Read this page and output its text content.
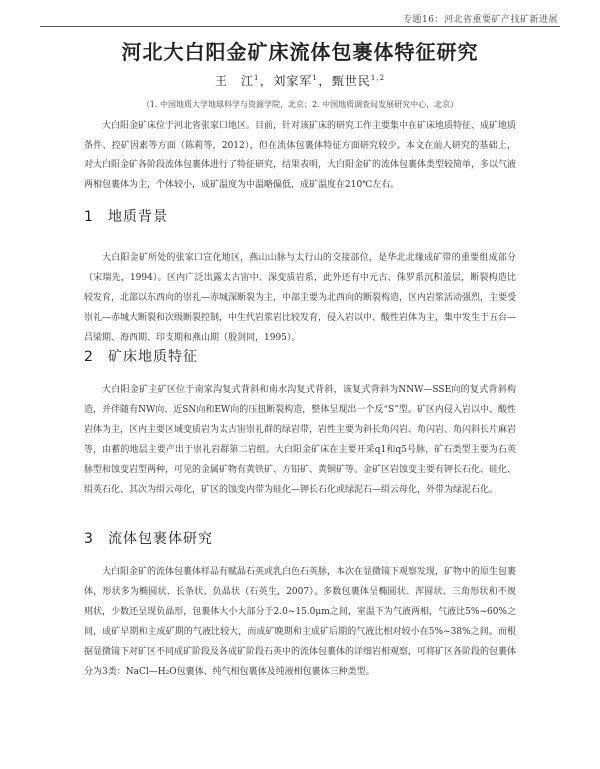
专题16：河北省重要矿产找矿新进展
河北大白阳金矿床流体包裹体特征研究
王　江$^1$，刘家军$^1$，甄世民$^{1,2}$
（1. 中国地质大学地球科学与资源学院，北京；2. 中国地质调查局发展研究中心，北京）
大白阳金矿床位于河北省张家口地区。目前，针对该矿床的研究工作主要集中在矿床地质特征、成矿地质条件、控矿因素等方面（陈莉等，2012），但在流体包裹体特征方面研究较少。本文在前人研究的基础上，对大白阳金矿各阶段流体包裹体进行了特征研究，结果表明，大白阳金矿的流体包裹体类型较简单，多以气液两相包裹体为主，个体较小，成矿温度为中温略偏低，成矿温度在210℃左右。
1 地质背景

大白阳金矿所处的张家口宣化地区，燕山山脉与太行山的交接部位，是华北北缘成矿带的重要组成部分（宋瑞先，1994）。区内广泛出露太古宙中、深变质岩系，此外还有中元古、侏罗系沉积盖层，断裂构造比较发育，北部以东西向的崇礼—赤城深断裂为主，中部主要为北西向的断裂构造，区内岩浆活动强烈，主要受崇礼—赤城大断裂和次级断裂控制，中生代岩浆岩比较发育，侵入岩以中、酸性岩体为主，集中发生于五台—吕梁期、海西期、印支期和燕山期（殷剑同，1995）。

2 矿床地质特征

大白阳金矿主矿区位于南家沟复式背斜和南水沟复式背斜，该复式背斜为NNW—SSE向的复式背斜构造，并伴随有NW向、近SN向和EW向的压扭断裂构造，整体呈现出一个反“S”型。矿区内侵入岩以中、酸性岩体为主，区内主要区域变质岩为太古宙崇礼群的绿岩带，岩性主要为斜长角闪岩、角闪岩、角闪斜长片麻岩等，由蓄的地层主要产出于崇礼岩群第二岩组。大白阳金矿床在主要开采q1和q5号脉，矿石类型主要为石英脉型和蚀变岩型两种，可见的金属矿物有黄铁矿、方铅矿、黄铜矿等。金矿区岩蚀变主要有钾长石化、硅化、绢英石化、其次为绢云母化，矿区的蚀变内带为硅化—钾长石化或绿泥石—绢云母化，外带为绿泥石化。

3 流体包裹体研究

大白阳金矿的流体包裹体样品有赋晶石英或乳白色石英脉，本次在显微镜下观察发现，矿物中的原生包裹体，形状多为椭圆状、长条状、负晶状（石英生，2007）。多数包裹体呈椭圆状、浑圆状、三角形状和不规则状，少数还呈现负晶形，包裹体大小大部分于2.0~15.0μm之间，室温下为气液两相，气液比5%~60%之间，成矿早期和主成矿期的气液比较大，而成矿晚期和主成矿后期的气液比相对较小在5%~38%之间。而根据显微镜下对矿区不同成矿阶段及各成矿阶段石英中的流体包裹体的详细岩相观察，可将矿区各阶段的包裹体分为3类：NaCl—H₂O包裹体、纯气相包裹体及纯液相包裹体三种类型。
